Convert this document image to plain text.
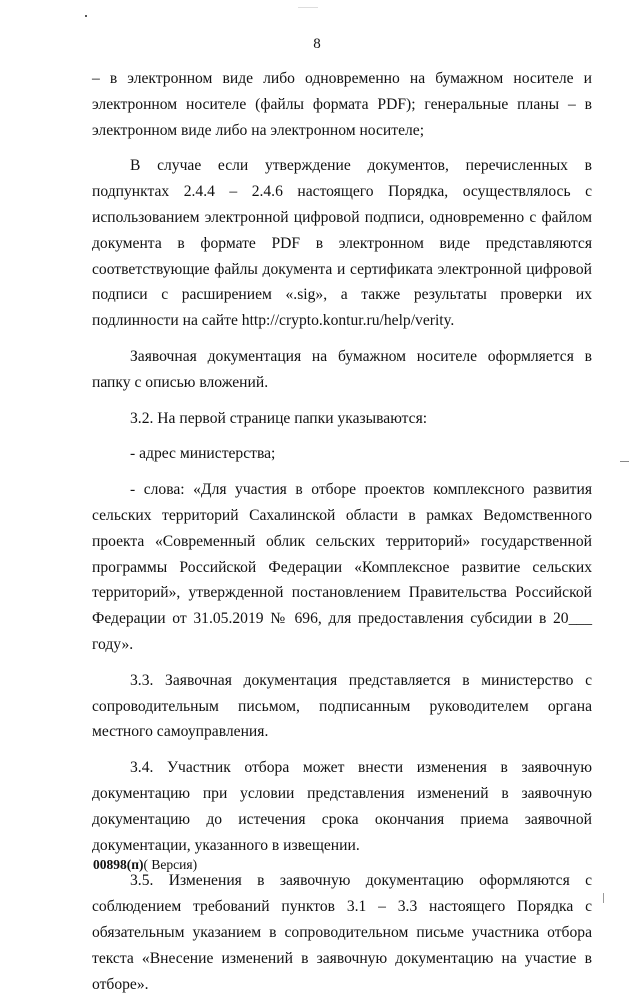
8

– в электронном виде либо одновременно на бумажном носителе и электронном носителе (файлы формата PDF); генеральные планы – в электронном виде либо на электронном носителе;

В случае если утверждение документов, перечисленных в подпунктах 2.4.4 – 2.4.6 настоящего Порядка, осуществлялось с использованием электронной цифровой подписи, одновременно с файлом документа в формате PDF в электронном виде представляются соответствующие файлы документа и сертификата электронной цифровой подписи с расширением «.sig», а также результаты проверки их подлинности на сайте http://crypto.kontur.ru/help/verity.

Заявочная документация на бумажном носителе оформляется в папку с описью вложений.

3.2. На первой странице папки указываются:

- адрес министерства;

- слова: «Для участия в отборе проектов комплексного развития сельских территорий Сахалинской области в рамках Ведомственного проекта «Современный облик сельских территорий» государственной программы Российской Федерации «Комплексное развитие сельских территорий», утвержденной постановлением Правительства Российской Федерации от 31.05.2019 № 696, для предоставления субсидии в 20___ году».

3.3. Заявочная документация представляется в министерство с сопроводительным письмом, подписанным руководителем органа местного самоуправления.

3.4. Участник отбора может внести изменения в заявочную документацию при условии представления изменений в заявочную документацию до истечения срока окончания приема заявочной документации, указанного в извещении.

3.5. Изменения в заявочную документацию оформляются с соблюдением требований пунктов 3.1 – 3.3 настоящего Порядка с обязательным указанием в сопроводительном письме участника отбора текста «Внесение изменений в заявочную документацию на участие в отборе».

00898(п)( Версия)
